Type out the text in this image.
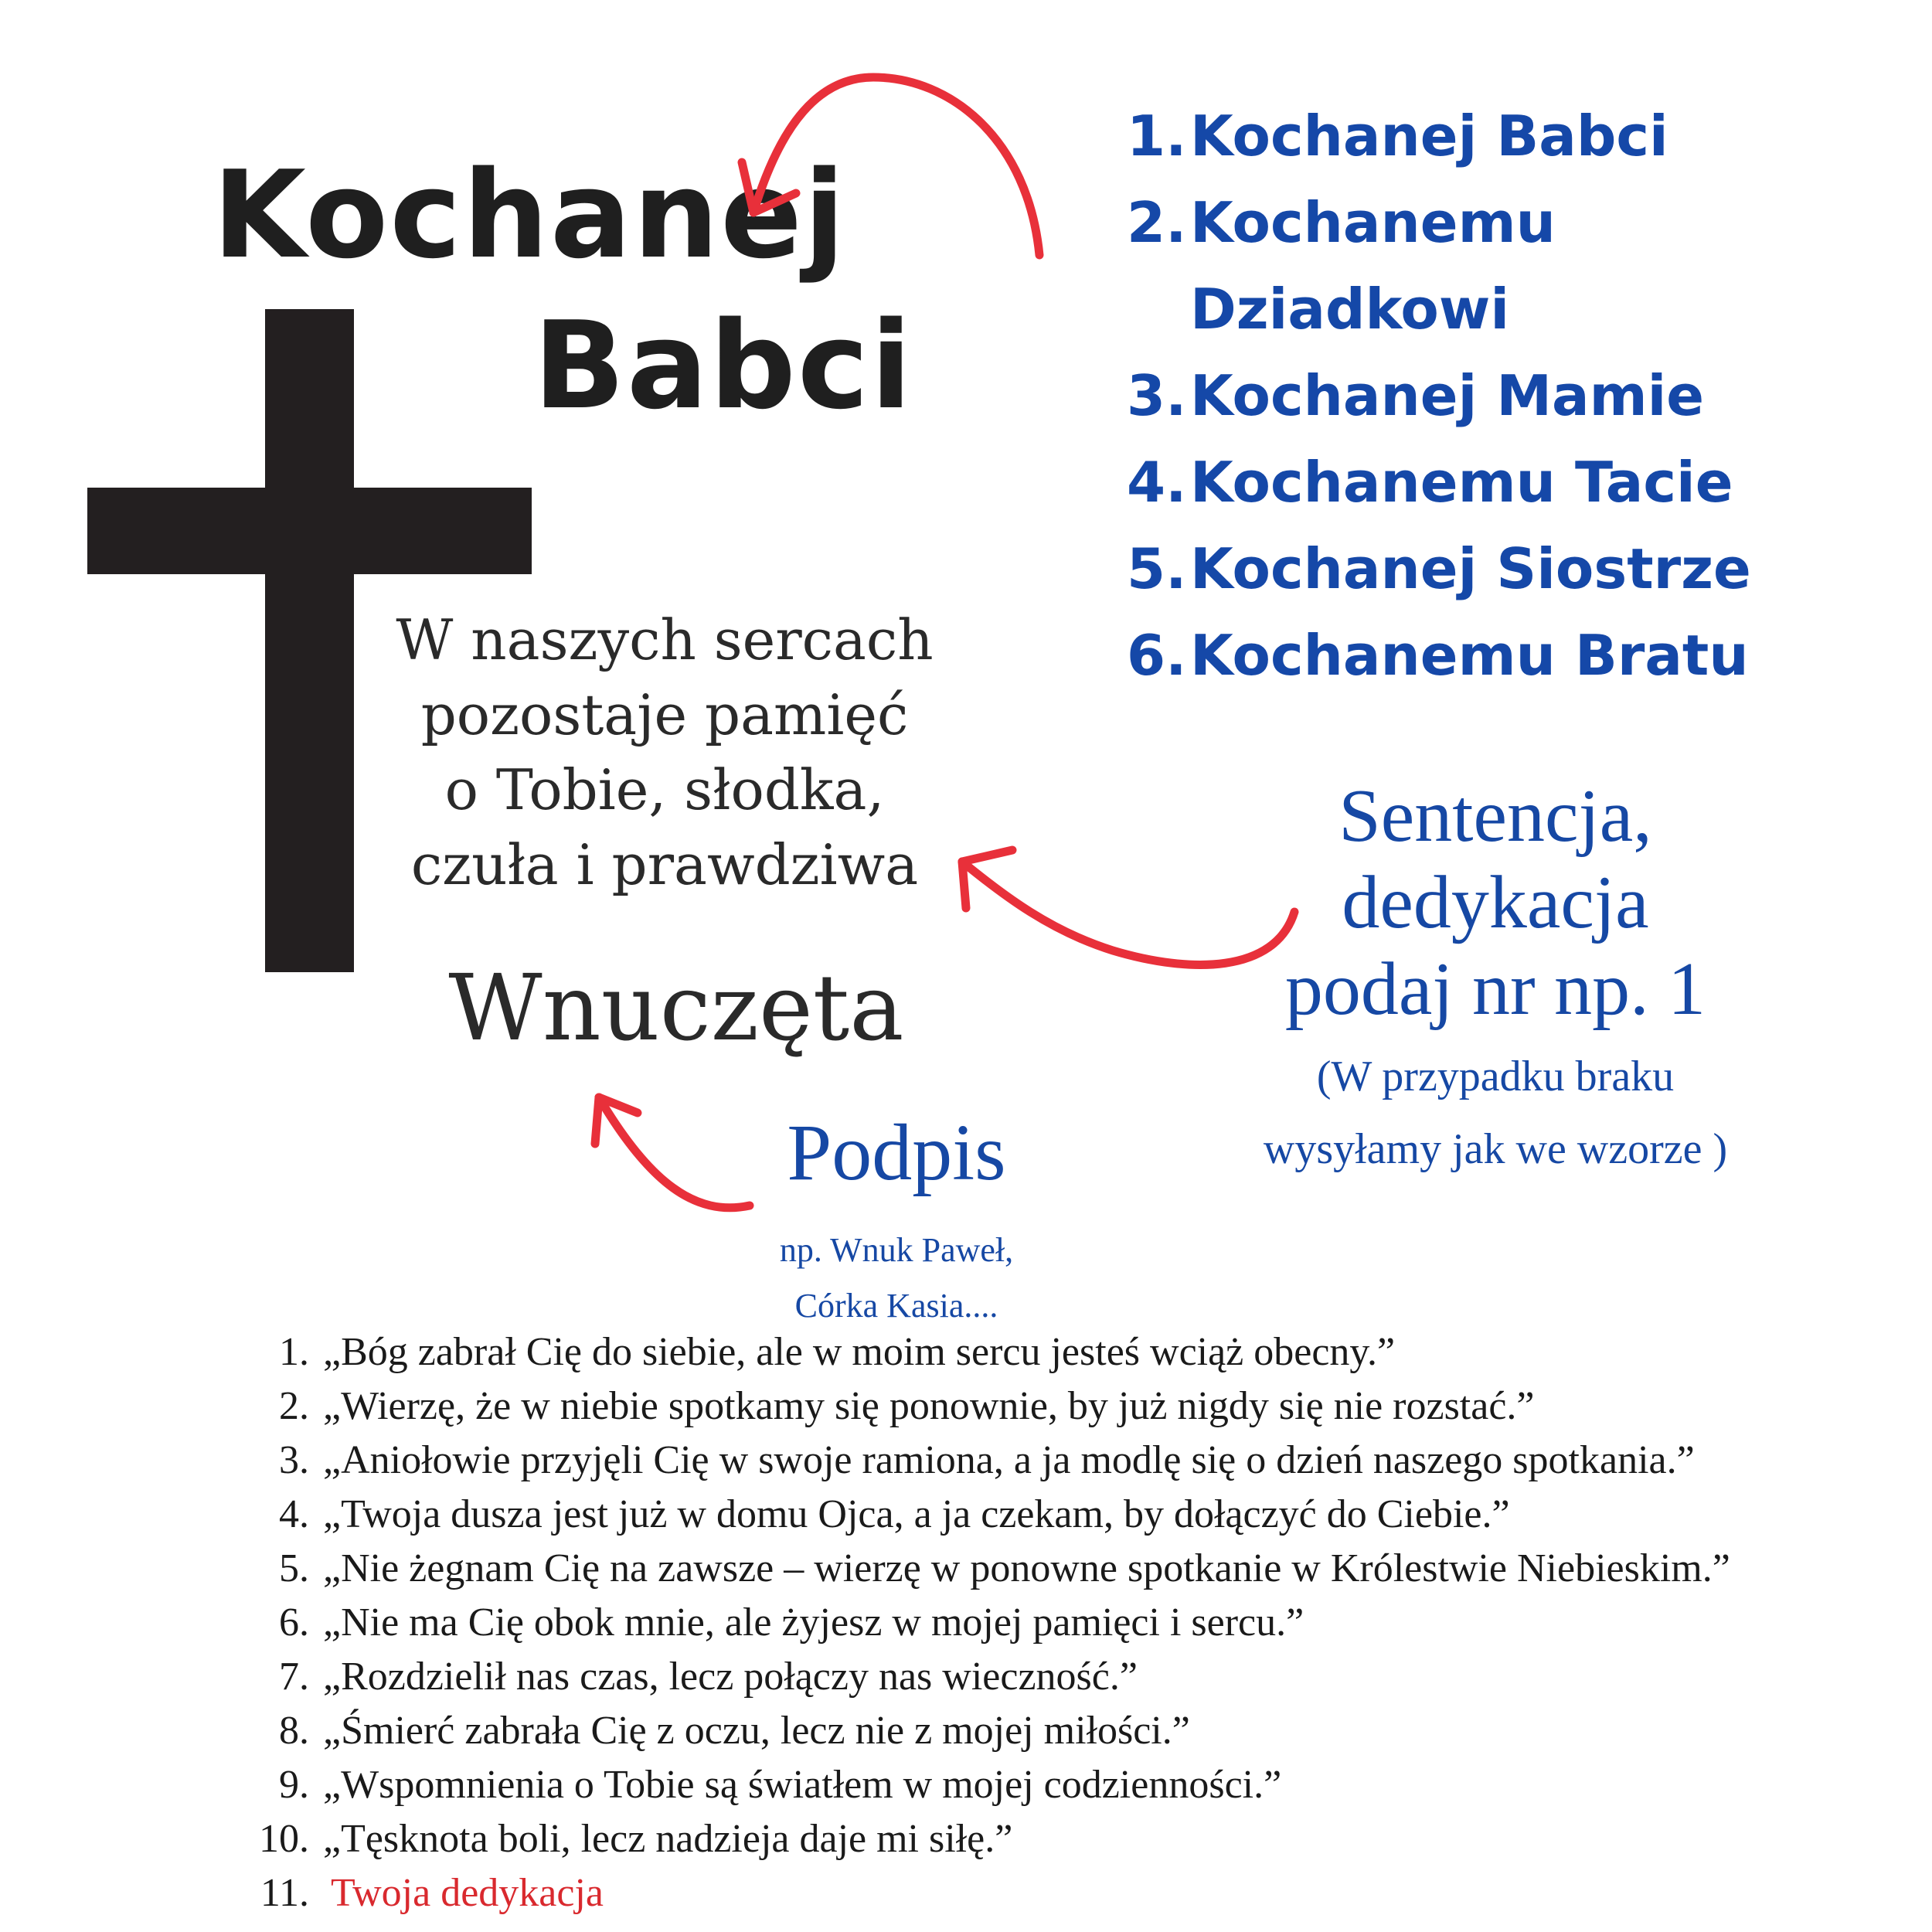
Kochanej
Babci
W naszych sercach
pozostaje pamięć
o Tobie, słodka,
czuła i prawdziwa
Wnuczęta
1. Kochanej Babci
2. Kochanemu
Dziadkowi
3. Kochanej Mamie
4. Kochanemu Tacie
5. Kochanej Siostrze
6. Kochanemu Bratu
Sentencja,
dedykacja
podaj nr np. 1
(W przypadku braku
wysyłamy jak we wzorze )
Podpis
np. Wnuk Paweł,
Córka Kasia....
1. „Bóg zabrał Cię do siebie, ale w moim sercu jesteś wciąż obecny.”
2. „Wierzę, że w niebie spotkamy się ponownie, by już nigdy się nie rozstać.”
3. „Aniołowie przyjęli Cię w swoje ramiona, a ja modlę się o dzień naszego spotkania.”
4. „Twoja dusza jest już w domu Ojca, a ja czekam, by dołączyć do Ciebie.”
5. „Nie żegnam Cię na zawsze – wierzę w ponowne spotkanie w Królestwie Niebieskim.”
6. „Nie ma Cię obok mnie, ale żyjesz w mojej pamięci i sercu.”
7. „Rozdzielił nas czas, lecz połączy nas wieczność.”
8. „Śmierć zabrała Cię z oczu, lecz nie z mojej miłości.”
9. „Wspomnienia o Tobie są światłem w mojej codzienności.”
10. „Tęsknota boli, lecz nadzieja daje mi siłę.”
11. Twoja dedykacja
